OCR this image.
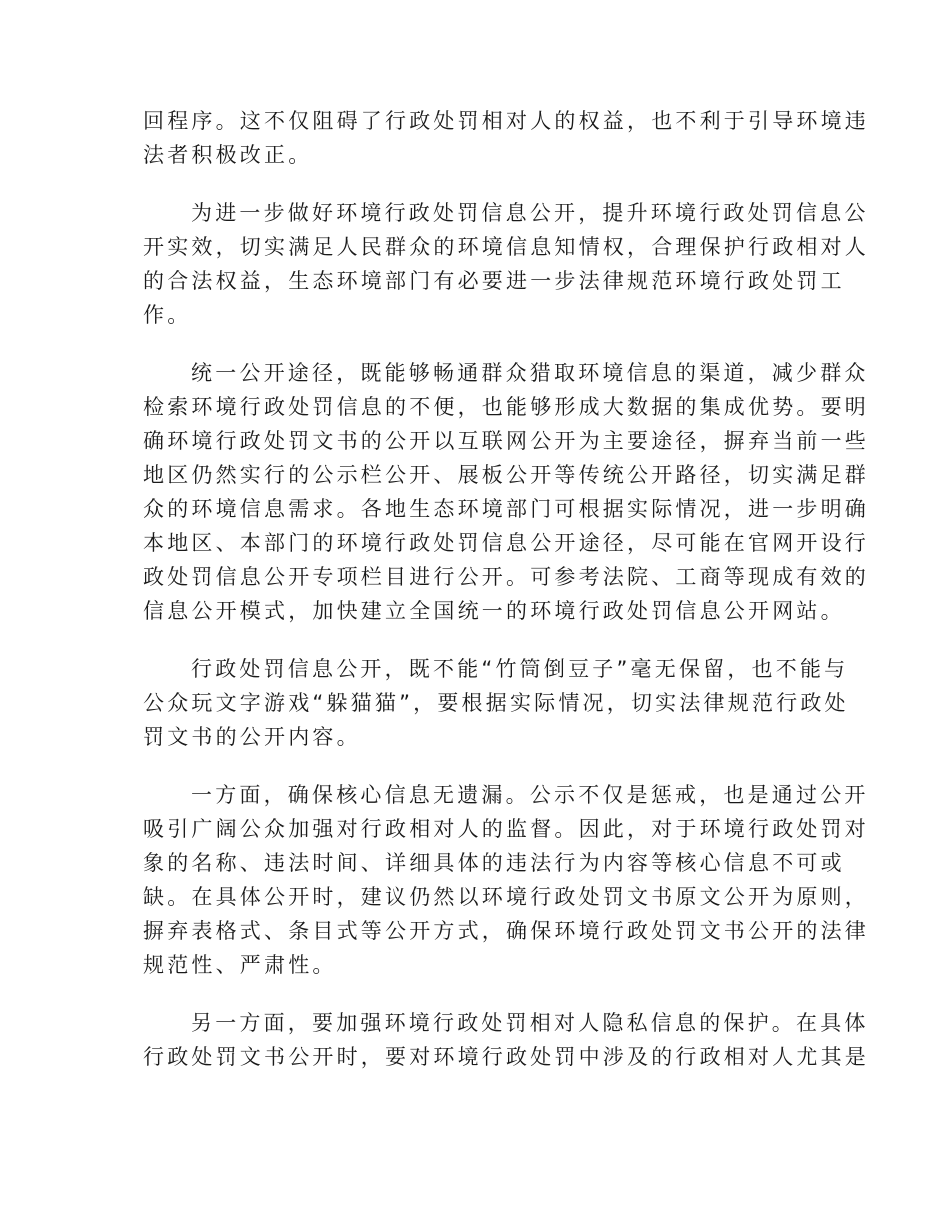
回程序。这不仅阻碍了行政处罚相对人的权益，也不利于引导环境违
法者积极改正。

为进一步做好环境行政处罚信息公开，提升环境行政处罚信息公
开实效，切实满足人民群众的环境信息知情权，合理保护行政相对人
的合法权益，生态环境部门有必要进一步法律规范环境行政处罚工
作。

统一公开途径，既能够畅通群众猎取环境信息的渠道，减少群众
检索环境行政处罚信息的不便，也能够形成大数据的集成优势。要明
确环境行政处罚文书的公开以互联网公开为主要途径，摒弃当前一些
地区仍然实行的公示栏公开、展板公开等传统公开路径，切实满足群
众的环境信息需求。各地生态环境部门可根据实际情况，进一步明确
本地区、本部门的环境行政处罚信息公开途径，尽可能在官网开设行
政处罚信息公开专项栏目进行公开。可参考法院、工商等现成有效的
信息公开模式，加快建立全国统一的环境行政处罚信息公开网站。

行政处罚信息公开，既不能“竹筒倒豆子”毫无保留，也不能与
公众玩文字游戏“躲猫猫”，要根据实际情况，切实法律规范行政处
罚文书的公开内容。

一方面，确保核心信息无遗漏。公示不仅是惩戒，也是通过公开
吸引广阔公众加强对行政相对人的监督。因此，对于环境行政处罚对
象的名称、违法时间、详细具体的违法行为内容等核心信息不可或
缺。在具体公开时，建议仍然以环境行政处罚文书原文公开为原则，
摒弃表格式、条目式等公开方式，确保环境行政处罚文书公开的法律
规范性、严肃性。

另一方面，要加强环境行政处罚相对人隐私信息的保护。在具体
行政处罚文书公开时，要对环境行政处罚中涉及的行政相对人尤其是
